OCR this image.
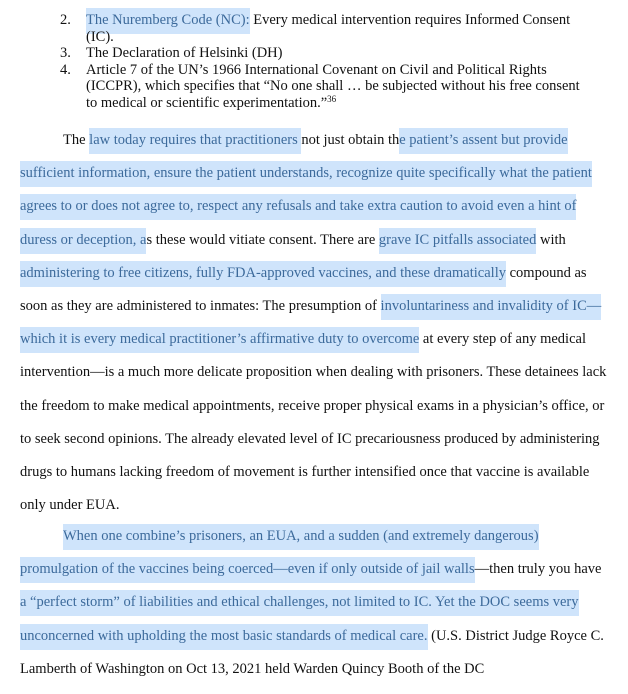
2.	The Nuremberg Code (NC): Every medical intervention requires Informed Consent (IC).
3.	The Declaration of Helsinki (DH)
4.	Article 7 of the UN’s 1966 International Covenant on Civil and Political Rights (ICCPR), which specifies that “No one shall … be subjected without his free consent to medical or scientific experimentation.”$^{36}$
The law today requires that practitioners not just obtain the patient’s assent but provide sufficient information, ensure the patient understands, recognize quite specifically what the patient agrees to or does not agree to, respect any refusals and take extra caution to avoid even a hint of duress or deception, as these would vitiate consent. There are grave IC pitfalls associated with administering to free citizens, fully FDA-approved vaccines, and these dramatically compound as soon as they are administered to inmates: The presumption of involuntariness and invalidity of IC—which it is every medical practitioner’s affirmative duty to overcome at every step of any medical intervention—is a much more delicate proposition when dealing with prisoners. These detainees lack the freedom to make medical appointments, receive proper physical exams in a physician’s office, or to seek second opinions. The already elevated level of IC precariousness produced by administering drugs to humans lacking freedom of movement is further intensified once that vaccine is available only under EUA.
When one combine’s prisoners, an EUA, and a sudden (and extremely dangerous) promulgation of the vaccines being coerced—even if only outside of jail walls—then truly you have a “perfect storm” of liabilities and ethical challenges, not limited to IC. Yet the DOC seems very unconcerned with upholding the most basic standards of medical care. (U.S. District Judge Royce C. Lamberth of Washington on Oct 13, 2021 held Warden Quincy Booth of the DC
